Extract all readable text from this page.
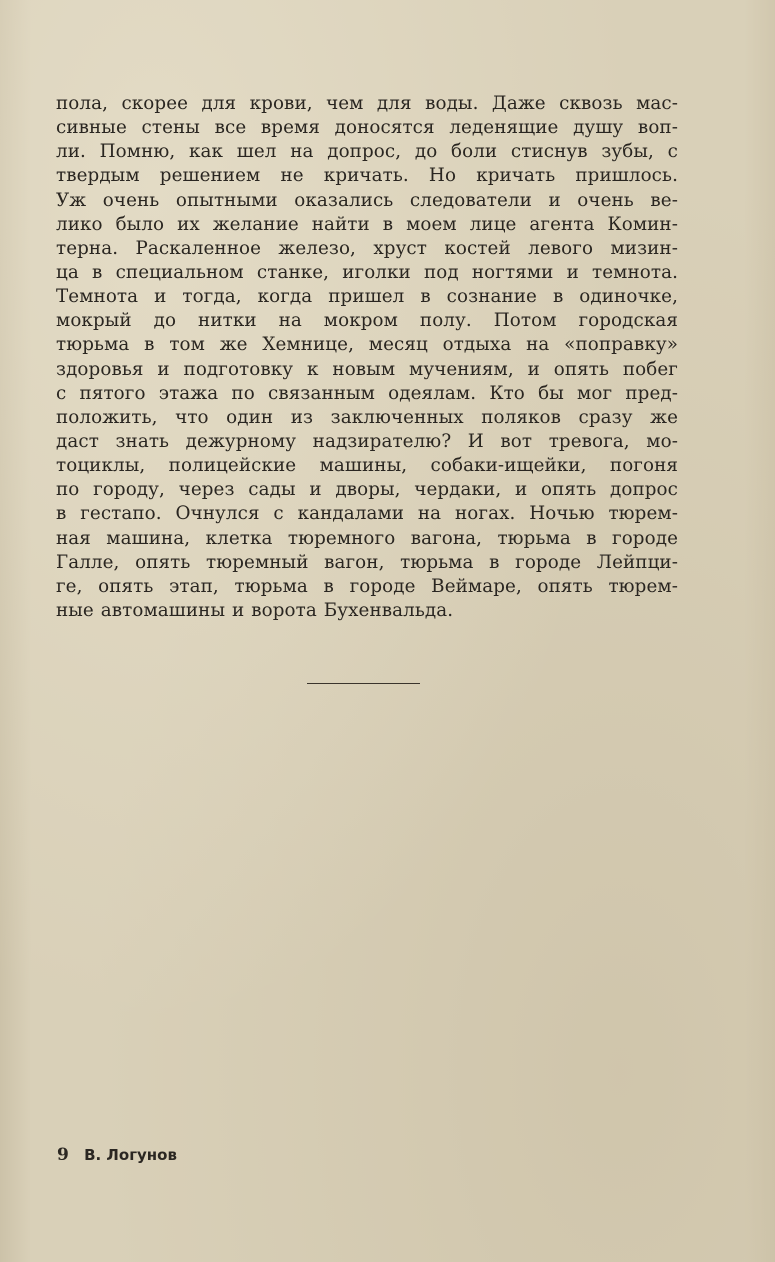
пола, скорее для крови, чем для воды. Даже сквозь мас-
сивные стены все время доносятся леденящие душу воп-
ли. Помню, как шел на допрос, до боли стиснув зубы, с
твердым решением не кричать. Но кричать пришлось.
Уж очень опытными оказались следователи и очень ве-
лико было их желание найти в моем лице агента Комин-
терна. Раскаленное железо, хруст костей левого мизин-
ца в специальном станке, иголки под ногтями и темнота.
Темнота и тогда, когда пришел в сознание в одиночке,
мокрый до нитки на мокром полу. Потом городская
тюрьма в том же Хемнице, месяц отдыха на «поправку»
здоровья и подготовку к новым мучениям, и опять побег
с пятого этажа по связанным одеялам. Кто бы мог пред-
положить, что один из заключенных поляков сразу же
даст знать дежурному надзирателю? И вот тревога, мо-
тоциклы, полицейские машины, собаки-ищейки, погоня
по городу, через сады и дворы, чердаки, и опять допрос
в гестапо. Очнулся с кандалами на ногах. Ночью тюрем-
ная машина, клетка тюремного вагона, тюрьма в городе
Галле, опять тюремный вагон, тюрьма в городе Лейпци-
ге, опять этап, тюрьма в городе Веймаре, опять тюрем-
ные автомашины и ворота Бухенвальда.
9 В. Логунов
